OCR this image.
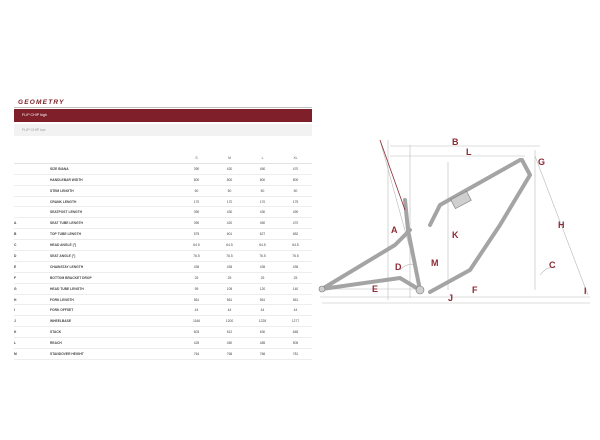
GEOMETRY
FLIP CHIP high
FLIP CHIP low
		S	M	L	XL
	SIZE BIANA	390	420	450	470
	HANDLEBAR WIDTH	800	800	800	800
	STEM LENGTH	50	50	50	50
	CRANK LENGTH	170	170	170	175
	SEATPOST LENGTH	390	430	430	490
A	SEAT TUBE LENGTH	390	420	450	470
B	TOP TUBE LENGTH	575	601	627	652
C	HEAD ANGLE (°)	64.5	64.5	64.5	64.5
D	SEAT ANGLE (°)	76.5	76.5	76.5	76.5
E	CHAINSTAY LENGTH	435	435	435	435
F	BOTTOM BRACKET DROP	25	25	25	25
G	HEAD TUBE LENGTH	95	105	120	140
H	FORK LENGTH	561	561	561	561
I	FORK OFFSET	44	44	44	44
J	WHEELBASE	1166	1200	1228	1277
K	STACK	603	612	630	648
L	REACH	425	450	485	505
M	STANDOVER HEIGHT	764	766	766	781
A
B
C
D
E	F
G
H
I
J
K
L
M
